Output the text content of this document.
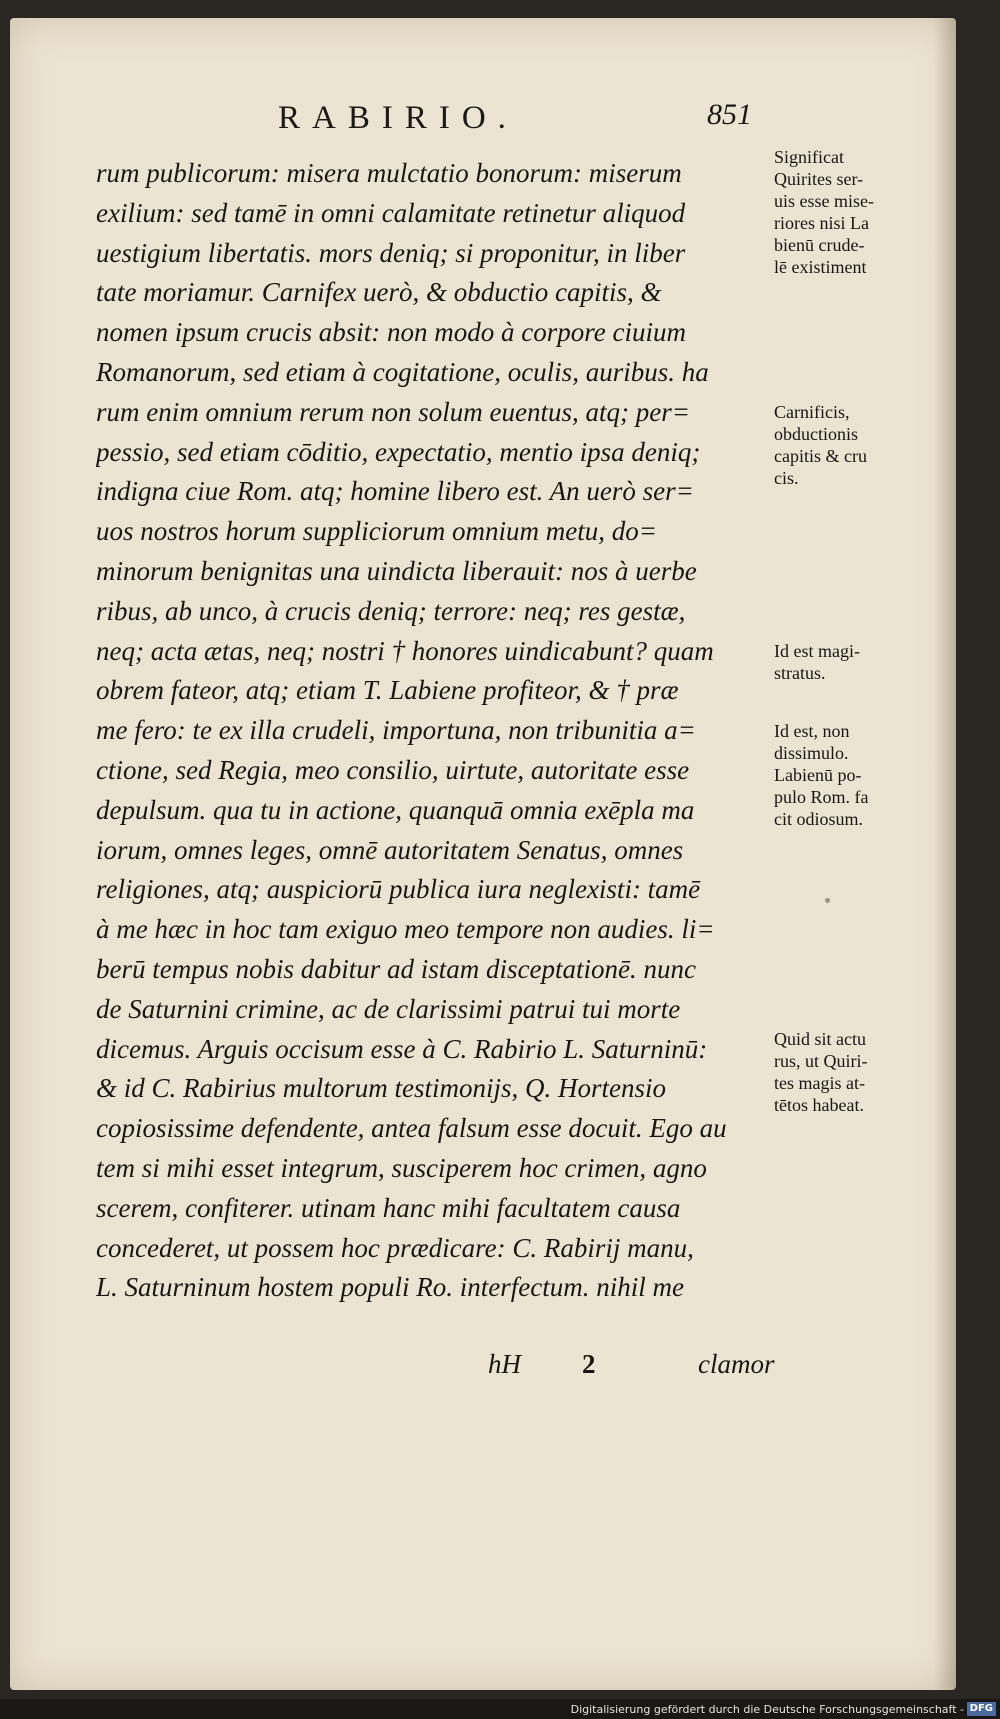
RABIRIO.	851
rum publicorum: misera mulctatio bonorum: miserum
exilium: sed tamē in omni calamitate retinetur aliquod
uestigium libertatis. mors deniq; si proponitur, in liber
tate moriamur. Carnifex uerò, & obductio capitis, &
nomen ipsum crucis absit: non modo à corpore ciuium
Romanorum, sed etiam à cogitatione, oculis, auribus. ha
rum enim omnium rerum non solum euentus, atq; per=
pessio, sed etiam cōditio, expectatio, mentio ipsa deniq;
indigna ciue Rom. atq; homine libero est. An uerò ser=
uos nostros horum suppliciorum omnium metu, do=
minorum benignitas una uindicta liberauit: nos à uerbe
ribus, ab unco, à crucis deniq; terrore: neq; res gestæ,
neq; acta ætas, neq; nostri † honores uindicabunt? quam
obrem fateor, atq; etiam T. Labiene profiteor, & † præ
me fero: te ex illa crudeli, importuna, non tribunitia a=
ctione, sed Regia, meo consilio, uirtute, autoritate esse
depulsum. qua tu in actione, quanquā omnia exēpla ma
iorum, omnes leges, omnē autoritatem Senatus, omnes
religiones, atq; auspiciorū publica iura neglexisti: tamē
à me hæc in hoc tam exiguo meo tempore non audies. li=
berū tempus nobis dabitur ad istam disceptationē. nunc
de Saturnini crimine, ac de clarissimi patrui tui morte
dicemus. Arguis occisum esse à C. Rabirio L. Saturninū:
& id C. Rabirius multorum testimonijs, Q. Hortensio
copiosissime defendente, antea falsum esse docuit. Ego au
tem si mihi esset integrum, susciperem hoc crimen, agno
scerem, confiterer. utinam hanc mihi facultatem causa
concederet, ut possem hoc prædicare: C. Rabirij manu,
L. Saturninum hostem populi Ro. interfectum. nihil me
Significat
Quirites ser-
uis esse mise-
riores nisi La
bienū crude-
lē existiment
Carnificis,
obductionis
capitis & cru
cis.
Id est magi-
stratus.
Id est, non
dissimulo.
Labienū po-
pulo Rom. fa
cit odiosum.
Quid sit actu
rus, ut Quiri-
tes magis at-
tētos habeat.
hH 2	clamor
Digitalisierung gefördert durch die Deutsche Forschungsgemeinschaft - DFG
